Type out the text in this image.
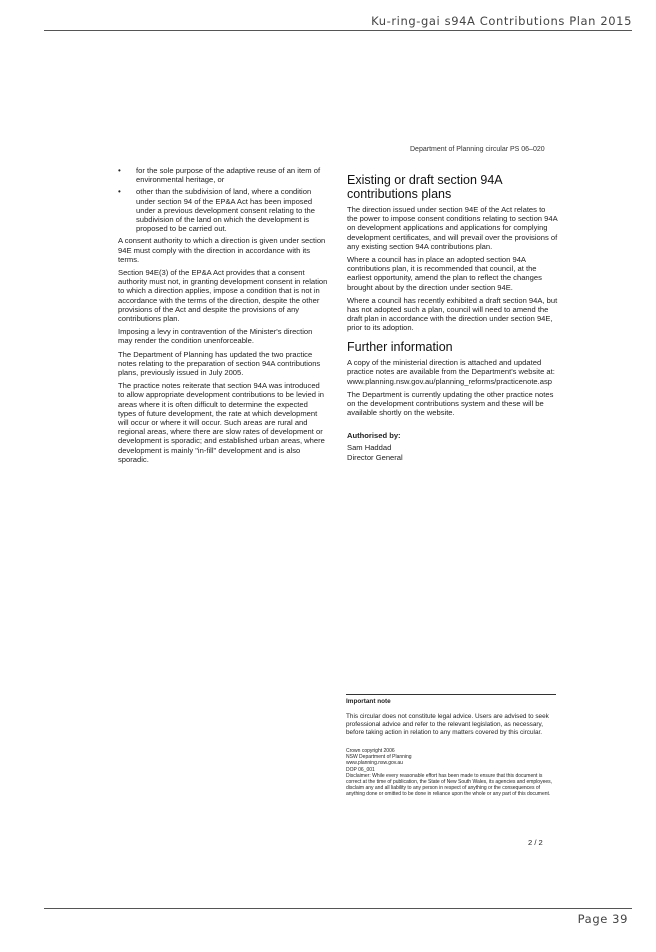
Ku-ring-gai s94A Contributions Plan 2015
Department of Planning circular PS 06–020
• for the sole purpose of the adaptive reuse of an item of environmental heritage, or
• other than the subdivision of land, where a condition under section 94 of the EP&A Act has been imposed under a previous development consent relating to the subdivision of the land on which the development is proposed to be carried out.

A consent authority to which a direction is given under section 94E must comply with the direction in accordance with its terms.

Section 94E(3) of the EP&A Act provides that a consent authority must not, in granting development consent in relation to which a direction applies, impose a condition that is not in accordance with the terms of the direction, despite the other provisions of the Act and despite the provisions of any contributions plan.

Imposing a levy in contravention of the Minister's direction may render the condition unenforceable.

The Department of Planning has updated the two practice notes relating to the preparation of section 94A contributions plans, previously issued in July 2005.

The practice notes reiterate that section 94A was introduced to allow appropriate development contributions to be levied in areas where it is often difficult to determine the expected types of future development, the rate at which development will occur or where it will occur. Such areas are rural and regional areas, where there are slow rates of development or development is sporadic; and established urban areas, where development is mainly "in-fill" development and is also sporadic.

Existing or draft section 94A contributions plans

The direction issued under section 94E of the Act relates to the power to impose consent conditions relating to section 94A on development applications and applications for complying development certificates, and will prevail over the provisions of any existing section 94A contributions plan.

Where a council has in place an adopted section 94A contributions plan, it is recommended that council, at the earliest opportunity, amend the plan to reflect the changes brought about by the direction under section 94E.

Where a council has recently exhibited a draft section 94A, but has not adopted such a plan, council will need to amend the draft plan in accordance with the direction under section 94E, prior to its adoption.

Further information

A copy of the ministerial direction is attached and updated practice notes are available from the Department's website at: www.planning.nsw.gov.au/planning_reforms/practicenote.asp

The Department is currently updating the other practice notes on the development contributions system and these will be available shortly on the website.

Authorised by:

Sam Haddad

Director General

Important note

This circular does not constitute legal advice. Users are advised to seek professional advice and refer to the relevant legislation, as necessary, before taking action in relation to any matters covered by this circular.

Crown copyright 2006

NSW Department of Planning

www.planning.nsw.gov.au

DOP 06_001

Disclaimer: While every reasonable effort has been made to ensure that this document is correct at the time of publication, the State of New South Wales, its agencies and employees, disclaim any and all liability to any person in respect of anything or the consequences of anything done or omitted to be done in reliance upon the whole or any part of this document.

2 / 2
Page 39
